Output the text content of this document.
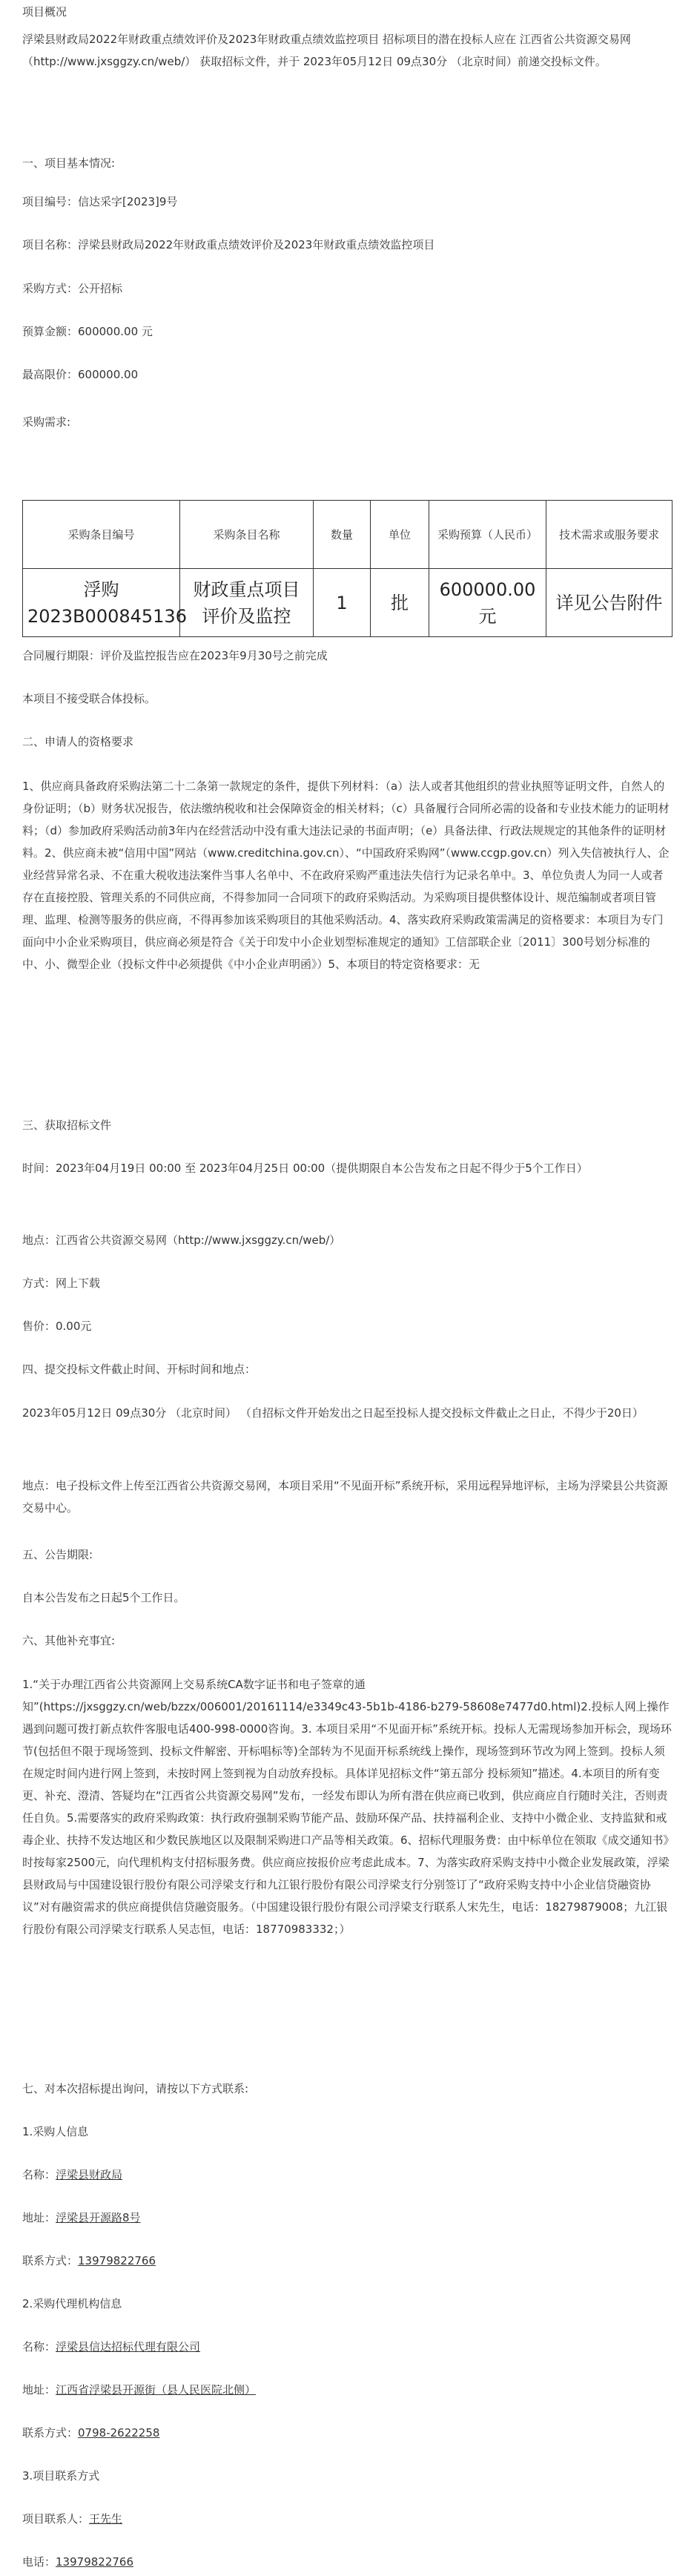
项目概况

浮梁县财政局2022年财政重点绩效评价及2023年财政重点绩效监控项目 招标项目的潜在投标人应在 江西省公共资源交易网（http://www.jxsggzy.cn/web/） 获取招标文件，并于 2023年05月12日 09点30分 （北京时间）前递交投标文件。

一、项目基本情况:

项目编号：信达采字[2023]9号

项目名称：浮梁县财政局2022年财政重点绩效评价及2023年财政重点绩效监控项目

采购方式：公开招标

预算金额：600000.00 元

最高限价：600000.00

采购需求:

采购条目编号	采购条目名称	数量	单位	采购预算（人民币）	技术需求或服务要求
浮购2023B000845136	财政重点项目评价及监控	1	批	600000.00元	详见公告附件

合同履行期限：评价及监控报告应在2023年9月30号之前完成

本项目不接受联合体投标。

二、申请人的资格要求

1、供应商具备政府采购法第二十二条第一款规定的条件，提供下列材料：（a）法人或者其他组织的营业执照等证明文件，自然人的身份证明；（b）财务状况报告，依法缴纳税收和社会保障资金的相关材料；（c）具备履行合同所必需的设备和专业技术能力的证明材料；（d）参加政府采购活动前3年内在经营活动中没有重大违法记录的书面声明；（e）具备法律、行政法规规定的其他条件的证明材料。2、供应商未被“信用中国”网站（www.creditchina.gov.cn）、“中国政府采购网”（www.ccgp.gov.cn）列入失信被执行人、企业经营异常名录、不在重大税收违法案件当事人名单中、不在政府采购严重违法失信行为记录名单中。3、单位负责人为同一人或者存在直接控股、管理关系的不同供应商，不得参加同一合同项下的政府采购活动。为采购项目提供整体设计、规范编制或者项目管理、监理、检测等服务的供应商，不得再参加该采购项目的其他采购活动。4、落实政府采购政策需满足的资格要求：本项目为专门面向中小企业采购项目，供应商必须是符合《关于印发中小企业划型标准规定的通知》工信部联企业〔2011〕300号划分标准的中、小、微型企业（投标文件中必须提供《中小企业声明函》）5、本项目的特定资格要求：无

三、获取招标文件

时间：2023年04月19日 00:00 至 2023年04月25日 00:00（提供期限自本公告发布之日起不得少于5个工作日）

地点：江西省公共资源交易网（http://www.jxsggzy.cn/web/）

方式：网上下载

售价：0.00元

四、提交投标文件截止时间、开标时间和地点：

2023年05月12日 09点30分 （北京时间） （自招标文件开始发出之日起至投标人提交投标文件截止之日止，不得少于20日）

地点：电子投标文件上传至江西省公共资源交易网，本项目采用“不见面开标”系统开标，采用远程异地评标，主场为浮梁县公共资源交易中心。

五、公告期限:

自本公告发布之日起5个工作日。

六、其他补充事宜:

1.“关于办理江西省公共资源网上交易系统CA数字证书和电子签章的通知”(https://jxsggzy.cn/web/bzzx/006001/20161114/e3349c43-5b1b-4186-b279-58608e7477d0.html)2.投标人网上操作遇到问题可拨打新点软件客服电话400-998-0000咨询。3. 本项目采用“不见面开标”系统开标。投标人无需现场参加开标会，现场环节(包括但不限于现场签到、投标文件解密、开标唱标等)全部转为不见面开标系统线上操作，现场签到环节改为网上签到。投标人须在规定时间内进行网上签到，未按时网上签到视为自动放弃投标。具体详见招标文件“第五部分 投标须知”描述。4.本项目的所有变更、补充、澄清、答疑均在“江西省公共资源交易网”发布，一经发布即认为所有潜在供应商已收到，供应商应自行随时关注，否则责任自负。5.需要落实的政府采购政策：执行政府强制采购节能产品、鼓励环保产品、扶持福利企业、支持中小微企业、支持监狱和戒毒企业、扶持不发达地区和少数民族地区以及限制采购进口产品等相关政策。6、招标代理服务费：由中标单位在领取《成交通知书》时按每家2500元，向代理机构支付招标服务费。供应商应按报价应考虑此成本。7、为落实政府采购支持中小微企业发展政策，浮梁县财政局与中国建设银行股份有限公司浮梁支行和九江银行股份有限公司浮梁支行分别签订了“政府采购支持中小企业信贷融资协议”对有融资需求的供应商提供信贷融资服务。（中国建设银行股份有限公司浮梁支行联系人宋先生，电话：18279879008；九江银行股份有限公司浮梁支行联系人吴志恒，电话：18770983332；）

七、对本次招标提出询问，请按以下方式联系:

1.采购人信息

名称：浮梁县财政局

地址：浮梁县开源路8号

联系方式：13979822766

2.采购代理机构信息

名称：浮梁县信达招标代理有限公司

地址：江西省浮梁县开源街（县人民医院北侧）

联系方式：0798-2622258

3.项目联系方式

项目联系人：王先生

电话：13979822766
